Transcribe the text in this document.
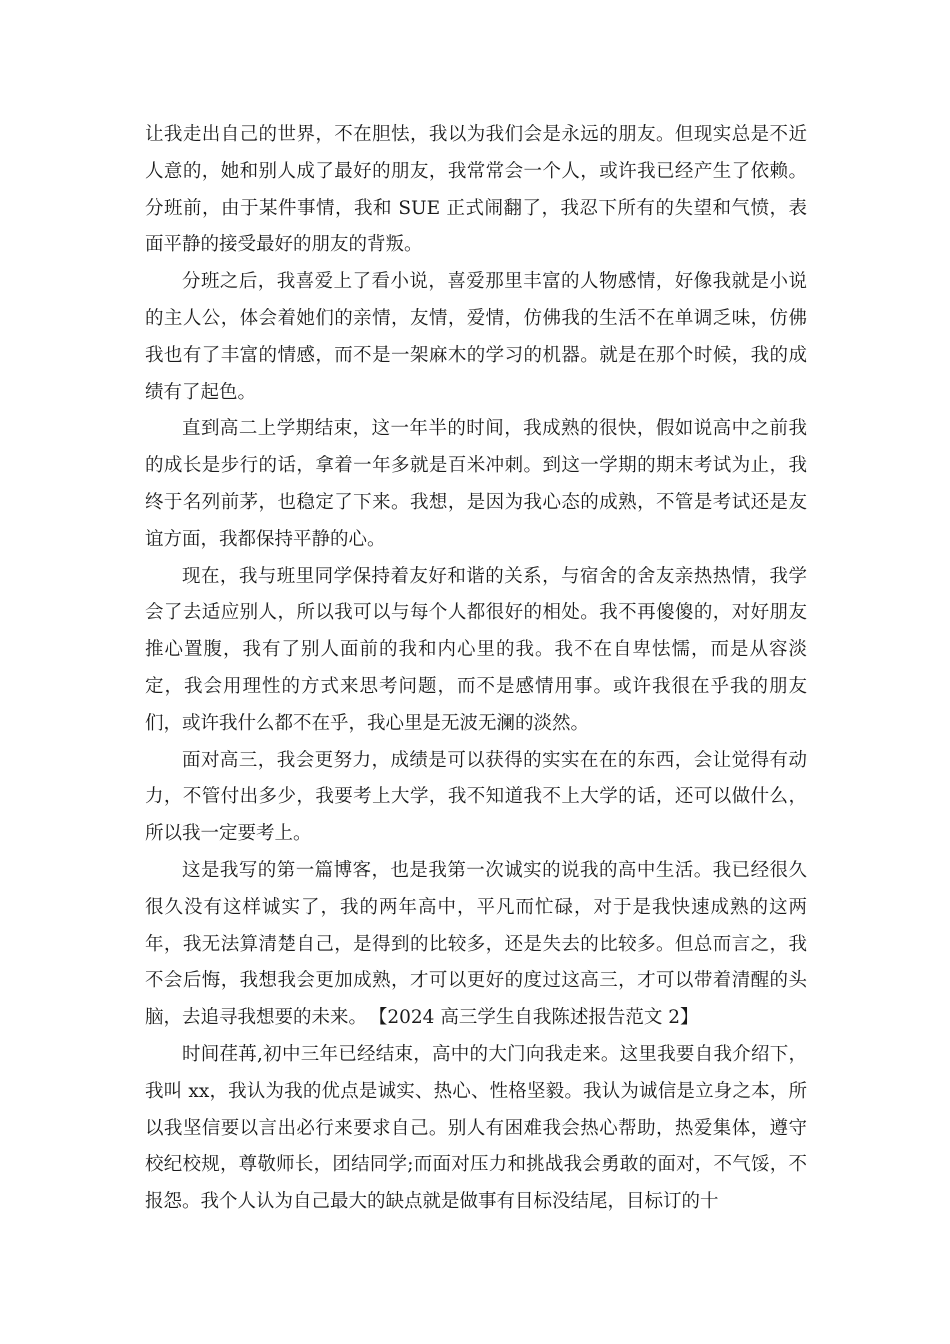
让我走出自己的世界，不在胆怯，我以为我们会是永远的朋友。但现实总是不近人意的，她和别人成了最好的朋友，我常常会一个人，或许我已经产生了依赖。分班前，由于某件事情，我和 SUE 正式闹翻了，我忍下所有的失望和气愤，表面平静的接受最好的朋友的背叛。

分班之后，我喜爱上了看小说，喜爱那里丰富的人物感情，好像我就是小说的主人公，体会着她们的亲情，友情，爱情，仿佛我的生活不在单调乏味，仿佛我也有了丰富的情感，而不是一架麻木的学习的机器。就是在那个时候，我的成绩有了起色。

直到高二上学期结束，这一年半的时间，我成熟的很快，假如说高中之前我的成长是步行的话，拿着一年多就是百米冲刺。到这一学期的期末考试为止，我终于名列前茅，也稳定了下来。我想，是因为我心态的成熟，不管是考试还是友谊方面，我都保持平静的心。

现在，我与班里同学保持着友好和谐的关系，与宿舍的舍友亲热热情，我学会了去适应别人，所以我可以与每个人都很好的相处。我不再傻傻的，对好朋友推心置腹，我有了别人面前的我和内心里的我。我不在自卑怯懦，而是从容淡定，我会用理性的方式来思考问题，而不是感情用事。或许我很在乎我的朋友们，或许我什么都不在乎，我心里是无波无澜的淡然。

面对高三，我会更努力，成绩是可以获得的实实在在的东西，会让觉得有动力，不管付出多少，我要考上大学，我不知道我不上大学的话，还可以做什么，所以我一定要考上。

这是我写的第一篇博客，也是我第一次诚实的说我的高中生活。我已经很久很久没有这样诚实了，我的两年高中，平凡而忙碌，对于是我快速成熟的这两年，我无法算清楚自己，是得到的比较多，还是失去的比较多。但总而言之，我不会后悔，我想我会更加成熟，才可以更好的度过这高三，才可以带着清醒的头脑，去追寻我想要的未来。 【2024 高三学生自我陈述报告范文 2】

时间荏苒,初中三年已经结束，高中的大门向我走来。这里我要自我介绍下，我叫 xx，我认为我的优点是诚实、热心、性格坚毅。我认为诚信是立身之本，所以我坚信要以言出必行来要求自己。别人有困难我会热心帮助，热爱集体，遵守校纪校规，尊敬师长，团结同学;而面对压力和挑战我会勇敢的面对，不气馁，不报怨。我个人认为自己最大的缺点就是做事有目标没结尾，目标订的十
